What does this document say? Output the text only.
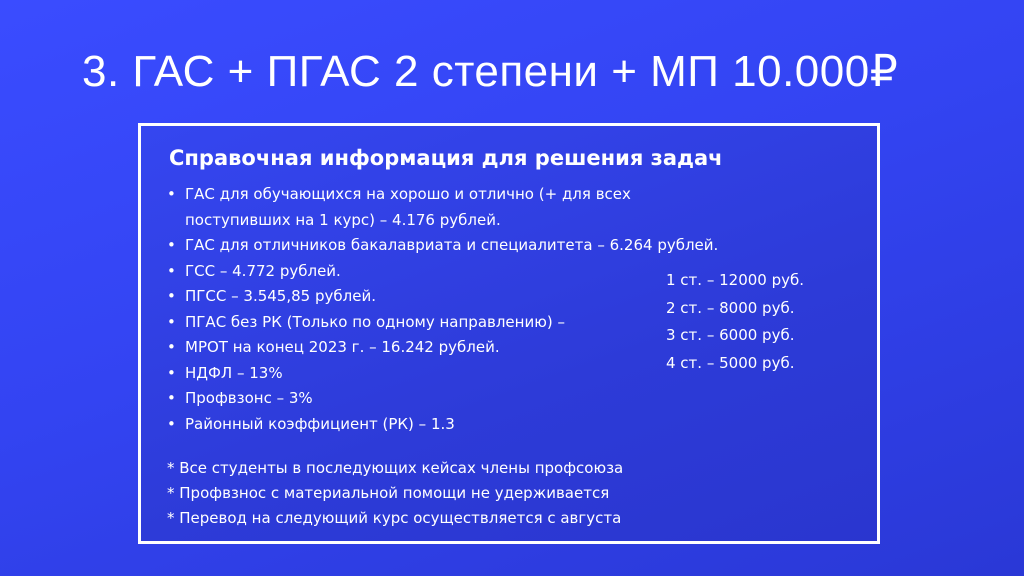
3. ГАС + ПГАС 2 степени + МП 10.000₽
Справочная информация для решения задач
• ГАС для обучающихся на хорошо и отлично (+ для всех
поступивших на 1 курс) – 4.176 рублей.
• ГАС для отличников бакалавриата и специалитета – 6.264 рублей.
• ГСС – 4.772 рублей.
• ПГСС – 3.545,85 рублей.
• ПГАС без РК (Только по одному направлению) –
• МРОТ на конец 2023 г. – 16.242 рублей.
• НДФЛ – 13%
• Профвзонс – 3%
• Районный коэффициент (РК) – 1.3
1 ст. – 12000 руб.
2 ст. – 8000 руб.
3 ст. – 6000 руб.
4 ст. – 5000 руб.
* Все студенты в последующих кейсах члены профсоюза
* Профвзнос с материальной помощи не удерживается
* Перевод на следующий курс осуществляется с августа
